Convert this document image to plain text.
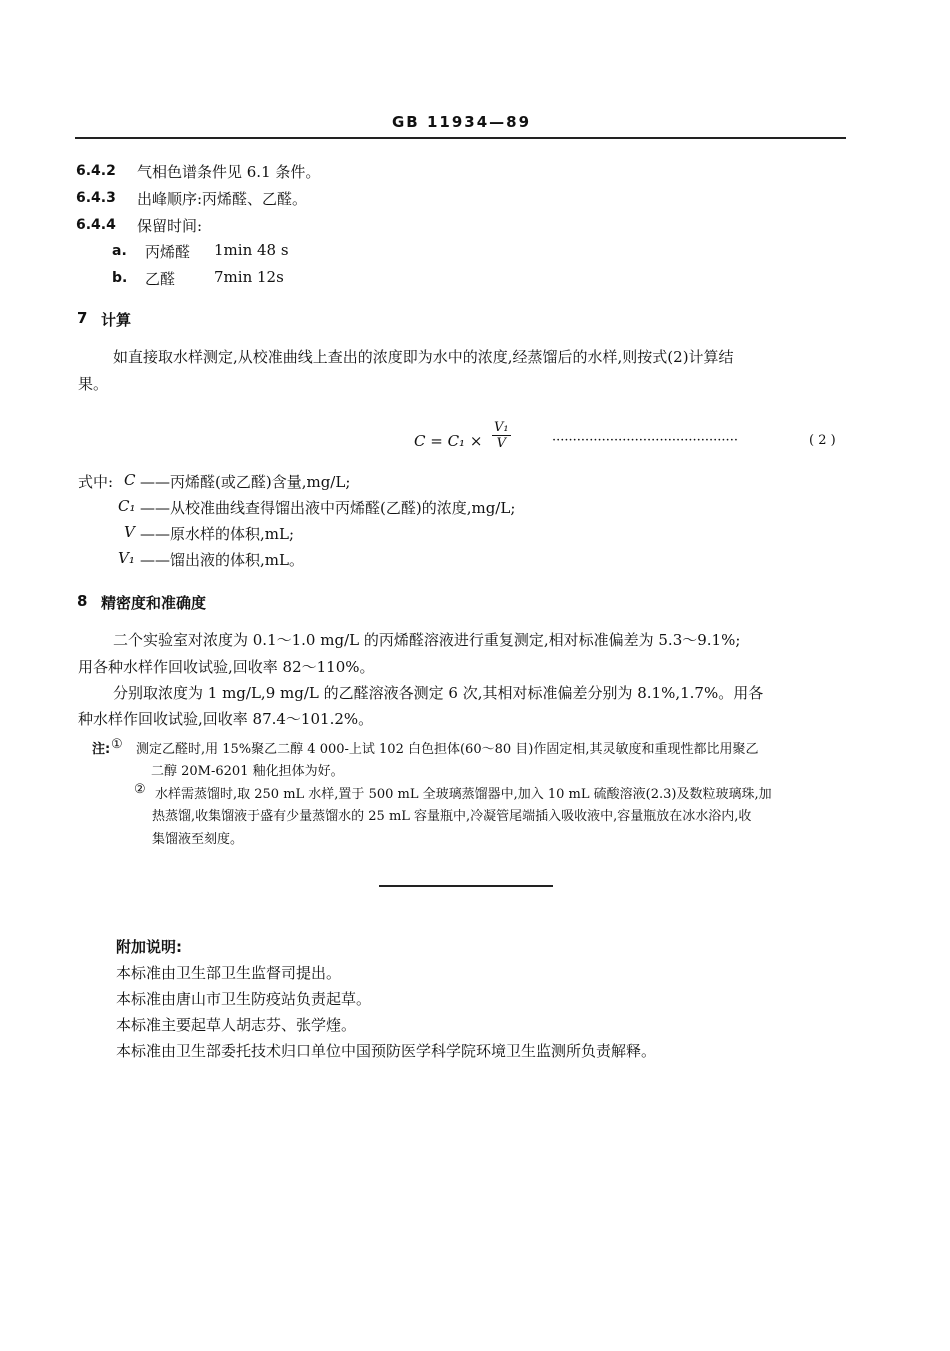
GB 11934—89
6.4.2 气相色谱条件见 6.1 条件。
6.4.3 出峰顺序:丙烯醛、乙醛。
6.4.4 保留时间:
a. 丙烯醛 1min 48 s
b. 乙醛	7min 12s
7 计算
如直接取水样测定,从校准曲线上查出的浓度即为水中的浓度,经蒸馏后的水样,则按式(2)计算结
果。
$C = C_1 \times \frac{\text{V₁}}{V}$	·············································	( 2 )
式中: C ——丙烯醛(或乙醛)含量,mg/L;
C₁ ——从校准曲线查得馏出液中丙烯醛(乙醛)的浓度,mg/L;
V ——原水样的体积,mL;
V₁ ——馏出液的体积,mL。
8 精密度和准确度
二个实验室对浓度为 0.1～1.0 mg/L 的丙烯醛溶液进行重复测定,相对标准偏差为 5.3～9.1%;
用各种水样作回收试验,回收率 82～110%。
分别取浓度为 1 mg/L,9 mg/L 的乙醛溶液各测定 6 次,其相对标准偏差分别为 8.1%,1.7%。用各
种水样作回收试验,回收率 87.4～101.2%。
注: ① 测定乙醛时,用 15%聚乙二醇 4 000-上试 102 白色担体(60～80 目)作固定相,其灵敏度和重现性都比用聚乙
二醇 20M-6201 釉化担体为好。
② 水样需蒸馏时,取 250 mL 水样,置于 500 mL 全玻璃蒸馏器中,加入 10 mL 硫酸溶液(2.3)及数粒玻璃珠,加
热蒸馏,收集馏液于盛有少量蒸馏水的 25 mL 容量瓶中,冷凝管尾端插入吸收液中,容量瓶放在冰水浴内,收
集馏液至刻度。
附加说明:
本标准由卫生部卫生监督司提出。
本标准由唐山市卫生防疫站负责起草。
本标准主要起草人胡志芬、张学煃。
本标准由卫生部委托技术归口单位中国预防医学科学院环境卫生监测所负责解释。
